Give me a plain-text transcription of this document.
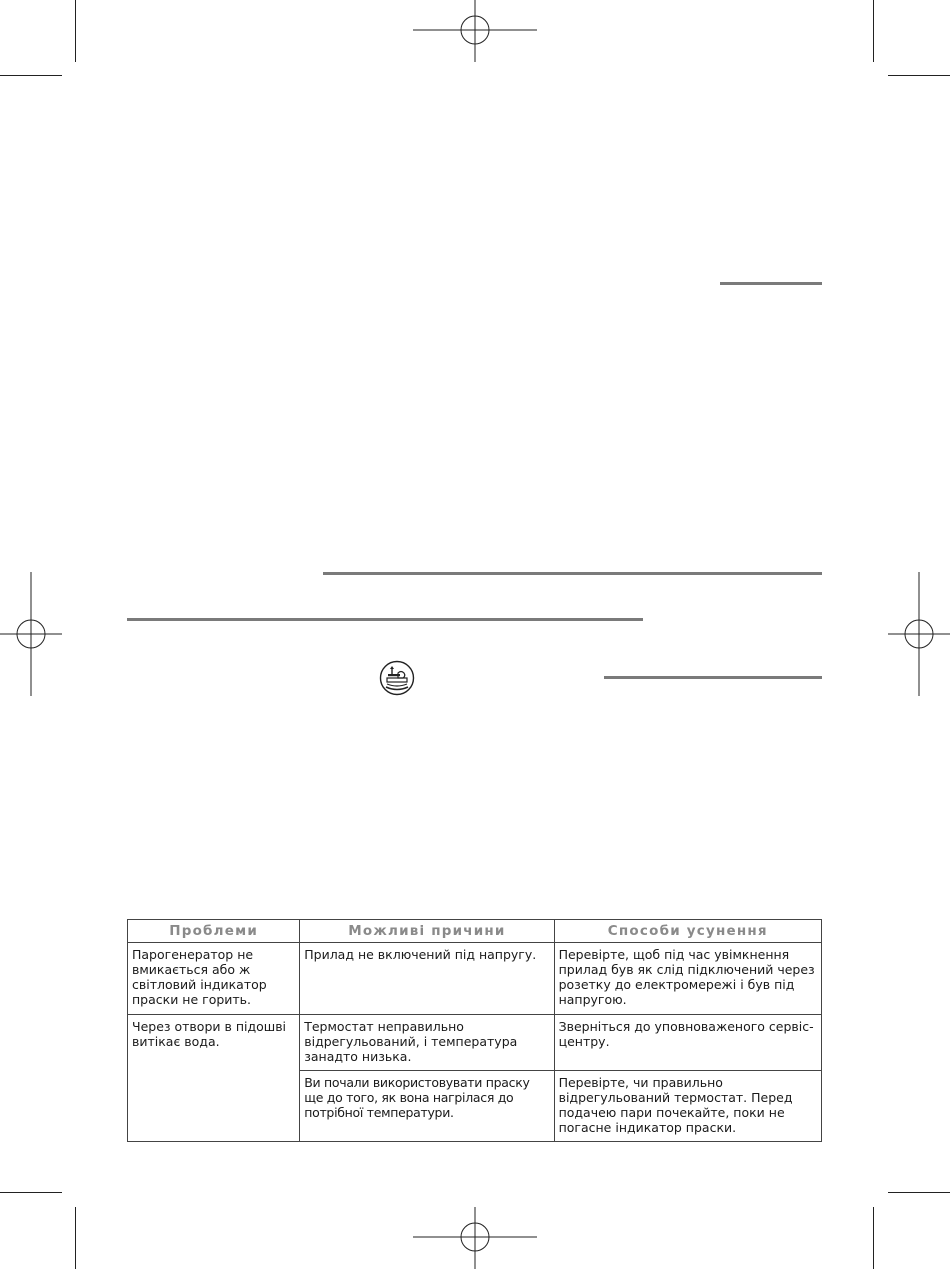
Проблеми	Можливі причини	Способи усунення
Парогенератор не вмикається або ж світловий індикатор праски не горить.	Прилад не включений під напругу.	Перевірте, щоб під час увімкнення прилад був як слід підключений через розетку до електромережі і був під напругою.
Через отвори в підошві витікає вода.	Термостат неправильно відрегульований, і температура занадто низька.	Зверніться до уповноваженого сервіс-центру.
	Ви почали використовувати праску ще до того, як вона нагрілася до потрібної температури.	Перевірте, чи правильно відрегульований термостат. Перед подачею пари почекайте, поки не погасне індикатор праски.
